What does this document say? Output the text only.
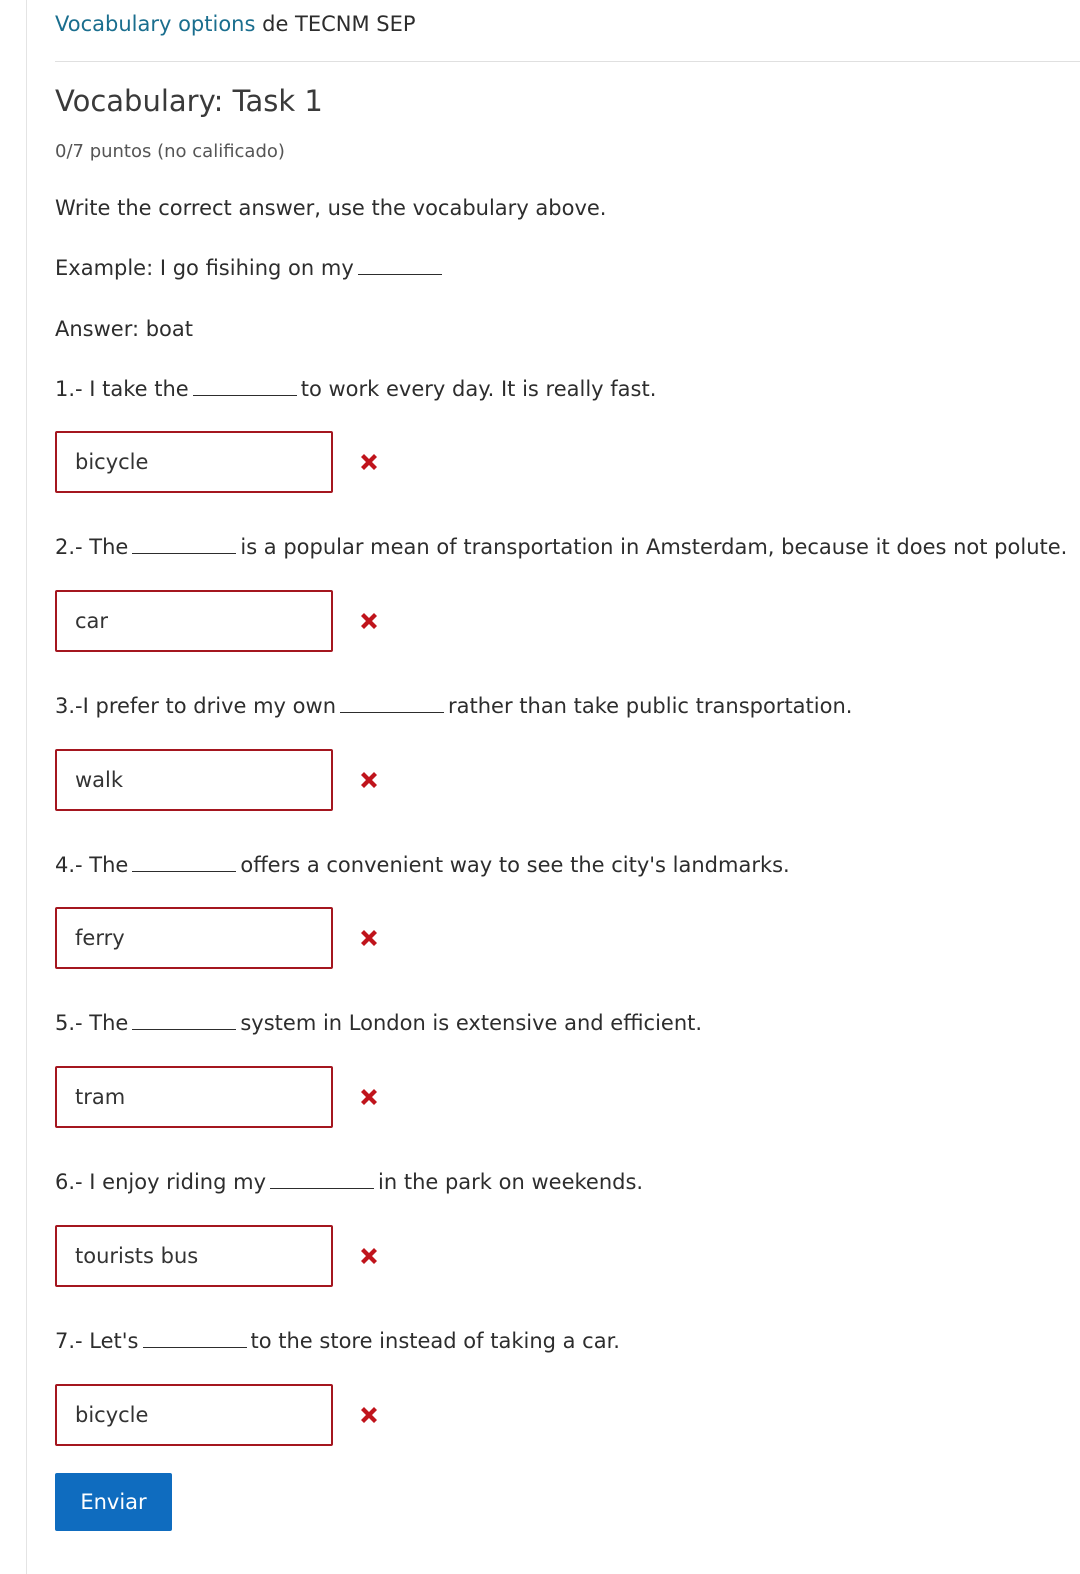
Vocabulary options de TECNM SEP
Vocabulary: Task 1
0/7 puntos (no calificado)
Write the correct answer, use the vocabulary above.
Example: I go fisihing on my
Answer: boat
1.- I take the	to work every day. It is really fast.
bicycle
2.- The	is a popular mean of transportation in Amsterdam, because it does not polute.
car
3.-I prefer to drive my own	rather than take public transportation.
walk
4.- The	offers a convenient way to see the city's landmarks.
ferry
5.- The	system in London is extensive and efficient.
tram
6.- I enjoy riding my	in the park on weekends.
tourists bus
7.- Let's	to the store instead of taking a car.
bicycle
Enviar
